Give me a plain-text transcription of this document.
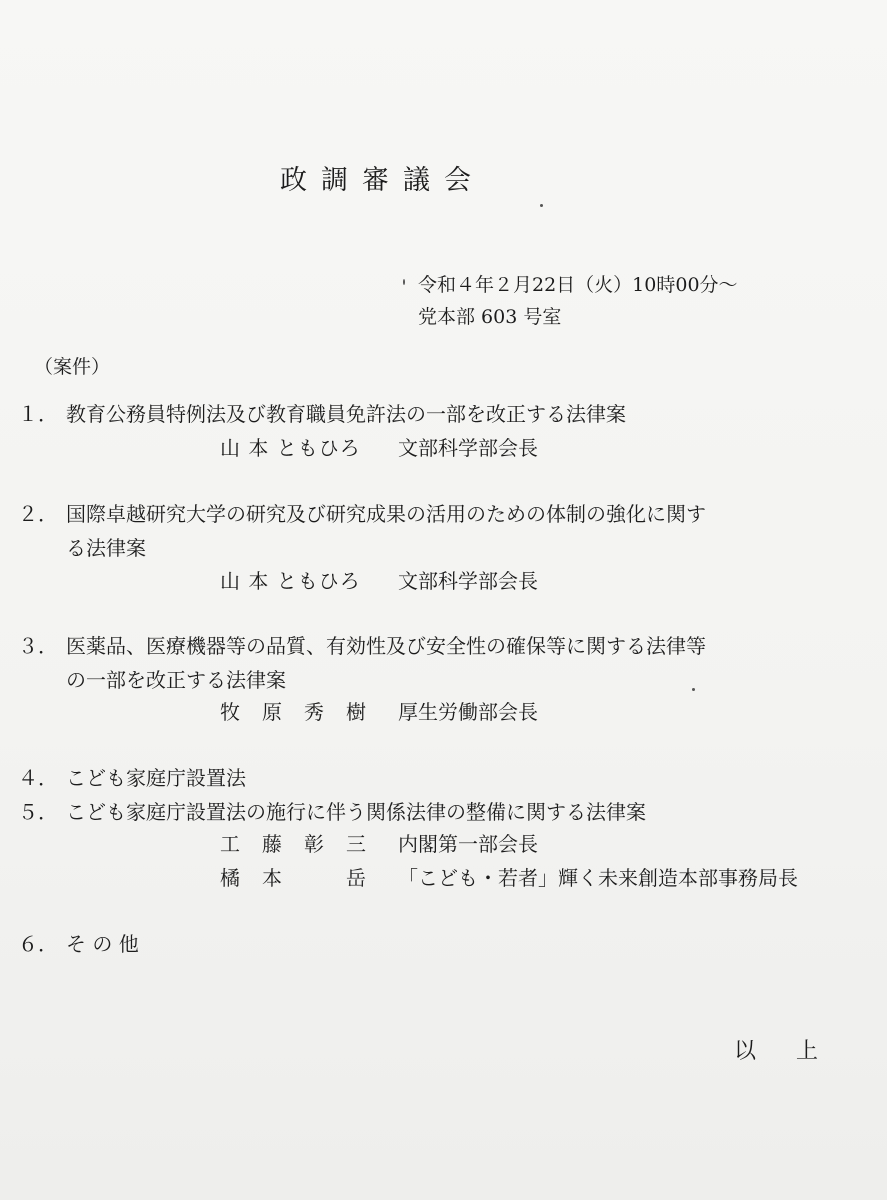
政調審議会
令和４年２月22日（火）10時00分～
党本部 603 号室
（案件）
１． 教育公務員特例法及び教育職員免許法の一部を改正する法律案
山 本 ともひろ 文部科学部会長
２． 国際卓越研究大学の研究及び研究成果の活用のための体制の強化に関す
る法律案
山 本 ともひろ 文部科学部会長
３． 医薬品、医療機器等の品質、有効性及び安全性の確保等に関する法律等
の一部を改正する法律案
牧　原　秀　樹 厚生労働部会長
４． こども家庭庁設置法
５． こども家庭庁設置法の施行に伴う関係法律の整備に関する法律案
工　藤　彰　三 内閣第一部会長
橘　本　　　岳 「こども・若者」輝く未来創造本部事務局長
６． そ の 他
以上
